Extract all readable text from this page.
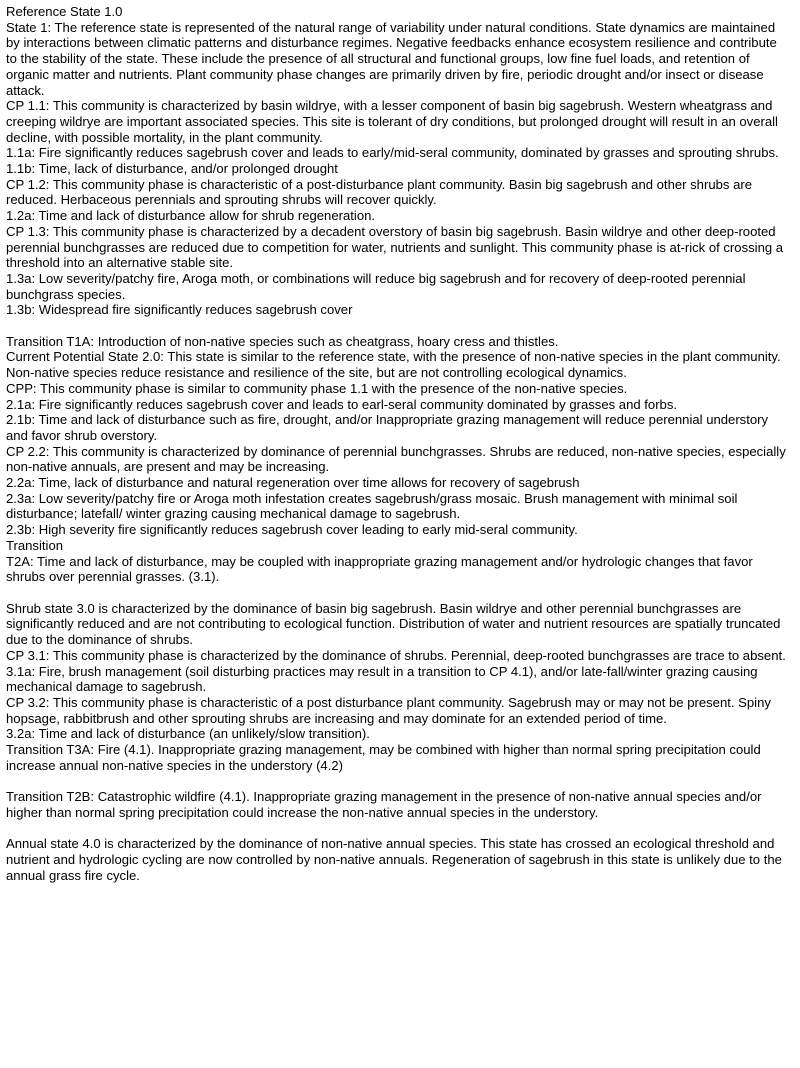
Reference State 1.0

State 1: The reference state is represented of the natural range of variability under natural conditions. State dynamics are maintained by interactions between climatic patterns and disturbance regimes. Negative feedbacks enhance ecosystem resilience and contribute to the stability of the state. These include the presence of all structural and functional groups, low fine fuel loads, and retention of organic matter and nutrients. Plant community phase changes are primarily driven by fire, periodic drought and/or insect or disease attack.

CP 1.1: This community is characterized by basin wildrye, with a lesser component of basin big sagebrush. Western wheatgrass and creeping wildrye are important associated species. This site is tolerant of dry conditions, but prolonged drought will result in an overall decline, with possible mortality, in the plant community.

1.1a: Fire significantly reduces sagebrush cover and leads to early/mid-seral community, dominated by grasses and sprouting shrubs.

1.1b: Time, lack of disturbance, and/or prolonged drought

CP 1.2: This community phase is characteristic of a post-disturbance plant community. Basin big sagebrush and other shrubs are reduced. Herbaceous perennials and sprouting shrubs will recover quickly.

1.2a: Time and lack of disturbance allow for shrub regeneration.

CP 1.3: This community phase is characterized by a decadent overstory of basin big sagebrush. Basin wildrye and other deep-rooted perennial bunchgrasses are reduced due to competition for water, nutrients and sunlight. This community phase is at-rick of crossing a threshold into an alternative stable site.

1.3a: Low severity/patchy fire, Aroga moth, or combinations will reduce big sagebrush and for recovery of deep-rooted perennial bunchgrass species.

1.3b: Widespread fire significantly reduces sagebrush cover

Transition T1A: Introduction of non-native species such as cheatgrass, hoary cress and thistles.

Current Potential State 2.0: This state is similar to the reference state, with the presence of non-native species in the plant community. Non-native species reduce resistance and resilience of the site, but are not controlling ecological dynamics.

CPP: This community phase is similar to community phase 1.1 with the presence of the non-native species.

2.1a: Fire significantly reduces sagebrush cover and leads to earl-seral community dominated by grasses and forbs.

2.1b: Time and lack of disturbance such as fire, drought, and/or Inappropriate grazing management will reduce perennial understory and favor shrub overstory.

CP 2.2: This community is characterized by dominance of perennial bunchgrasses. Shrubs are reduced, non-native species, especially non-native annuals, are present and may be increasing.

2.2a: Time, lack of disturbance and natural regeneration over time allows for recovery of sagebrush

2.3a: Low severity/patchy fire or Aroga moth infestation creates sagebrush/grass mosaic. Brush management with minimal soil disturbance; latefall/ winter grazing causing mechanical damage to sagebrush.

2.3b: High severity fire significantly reduces sagebrush cover leading to early mid-seral community.

Transition

T2A: Time and lack of disturbance, may be coupled with inappropriate grazing management and/or hydrologic changes that favor shrubs over perennial grasses. (3.1).

Shrub state 3.0 is characterized by the dominance of basin big sagebrush. Basin wildrye and other perennial bunchgrasses are significantly reduced and are not contributing to ecological function. Distribution of water and nutrient resources are spatially truncated due to the dominance of shrubs.

CP 3.1: This community phase is characterized by the dominance of shrubs. Perennial, deep-rooted bunchgrasses are trace to absent.

3.1a: Fire, brush management (soil disturbing practices may result in a transition to CP 4.1), and/or late-fall/winter grazing causing mechanical damage to sagebrush.

CP 3.2: This community phase is characteristic of a post disturbance plant community. Sagebrush may or may not be present. Spiny hopsage, rabbitbrush and other sprouting shrubs are increasing and may dominate for an extended period of time.

3.2a: Time and lack of disturbance (an unlikely/slow transition).

Transition T3A: Fire (4.1). Inappropriate grazing management, may be combined with higher than normal spring precipitation could increase annual non-native species in the understory (4.2)

Transition T2B: Catastrophic wildfire (4.1). Inappropriate grazing management in the presence of non-native annual species and/or higher than normal spring precipitation could increase the non-native annual species in the understory.

Annual state 4.0 is characterized by the dominance of non-native annual species. This state has crossed an ecological threshold and nutrient and hydrologic cycling are now controlled by non-native annuals. Regeneration of sagebrush in this state is unlikely due to the annual grass fire cycle.
